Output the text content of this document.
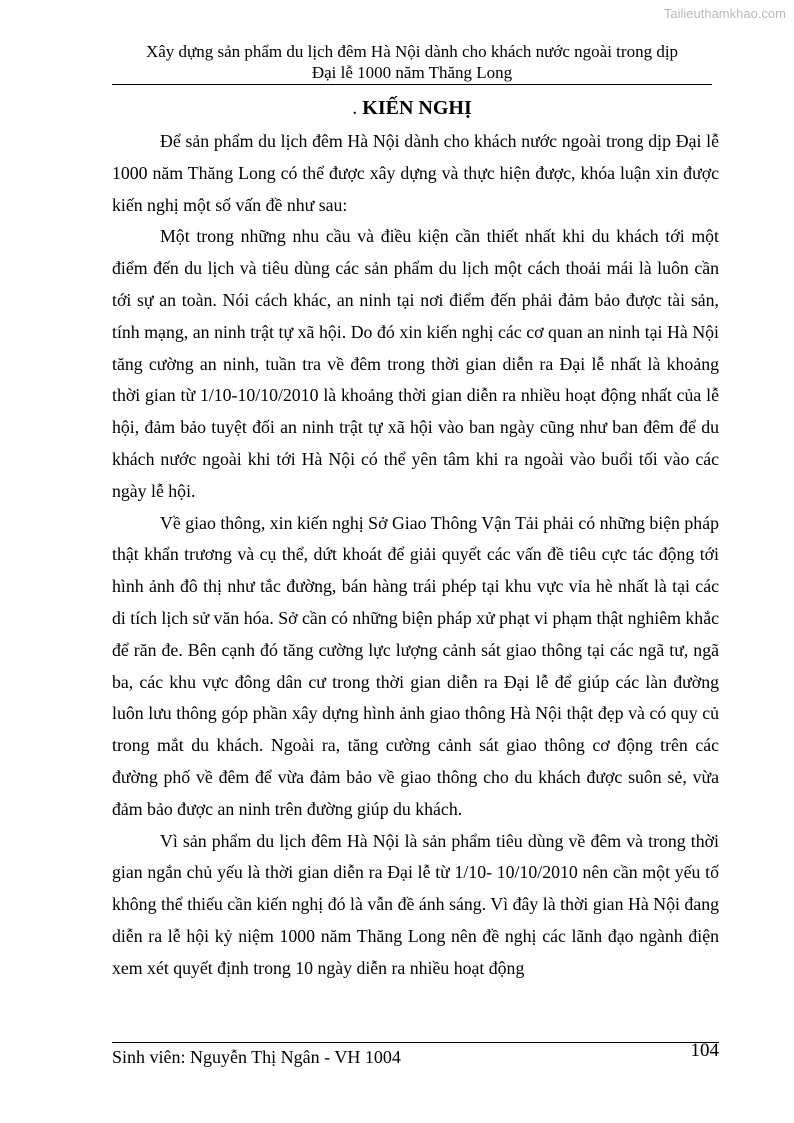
Tailieuthamkhao.com
Xây dựng sản phẩm du lịch đêm Hà Nội dành cho khách nước ngoài trong dịp
Đại lễ 1000 năm Thăng Long
. KIẾN NGHỊ

Để sản phẩm du lịch đêm Hà Nội dành cho khách nước ngoài trong dịp Đại lễ 1000 năm Thăng Long có thể được xây dựng và thực hiện được, khóa luận xin được kiến nghị một số vấn đề như sau:

Một trong những nhu cầu và điều kiện cần thiết nhất khi du khách tới một điểm đến du lịch và tiêu dùng các sản phẩm du lịch một cách thoải mái là luôn cần tới sự an toàn. Nói cách khác, an ninh tại nơi điểm đến phải đảm bảo được tài sản, tính mạng, an ninh trật tự xã hội. Do đó xin kiến nghị các cơ quan an ninh tại Hà Nội tăng cường an ninh, tuần tra về đêm trong thời gian diễn ra Đại lễ nhất là khoảng thời gian từ 1/10-10/10/2010 là khoảng thời gian diễn ra nhiều hoạt động nhất của lễ hội, đảm bảo tuyệt đối an ninh trật tự xã hội vào ban ngày cũng như ban đêm để du khách nước ngoài khi tới Hà Nội có thể yên tâm khi ra ngoài vào buổi tối vào các ngày lễ hội.

Về giao thông, xin kiến nghị Sở Giao Thông Vận Tải phải có những biện pháp thật khẩn trương và cụ thể, dứt khoát để giải quyết các vấn đề tiêu cực tác động tới hình ảnh đô thị như tắc đường, bán hàng trái phép tại khu vực vỉa hè nhất là tại các di tích lịch sử văn hóa. Sở cần có những biện pháp xử phạt vi phạm thật nghiêm khắc để răn đe. Bên cạnh đó tăng cường lực lượng cảnh sát giao thông tại các ngã tư, ngã ba, các khu vực đông dân cư trong thời gian diễn ra Đại lễ để giúp các làn đường luôn lưu thông góp phần xây dựng hình ảnh giao thông Hà Nội thật đẹp và có quy củ trong mắt du khách. Ngoài ra, tăng cường cảnh sát giao thông cơ động trên các đường phố về đêm để vừa đảm bảo về giao thông cho du khách được suôn sẻ, vừa đảm bảo được an ninh trên đường giúp du khách.

Vì sản phẩm du lịch đêm Hà Nội là sản phẩm tiêu dùng về đêm và trong thời gian ngắn chủ yếu là thời gian diễn ra Đại lễ từ 1/10- 10/10/2010 nên cần một yếu tố không thể thiếu cần kiến nghị đó là vẫn đề ánh sáng. Vì đây là thời gian Hà Nội đang diễn ra lễ hội kỷ niệm 1000 năm Thăng Long nên đề nghị các lãnh đạo ngành điện xem xét quyết định trong 10 ngày diễn ra nhiều hoạt động

Sinh viên: Nguyễn Thị Ngân - VH 1004	104
